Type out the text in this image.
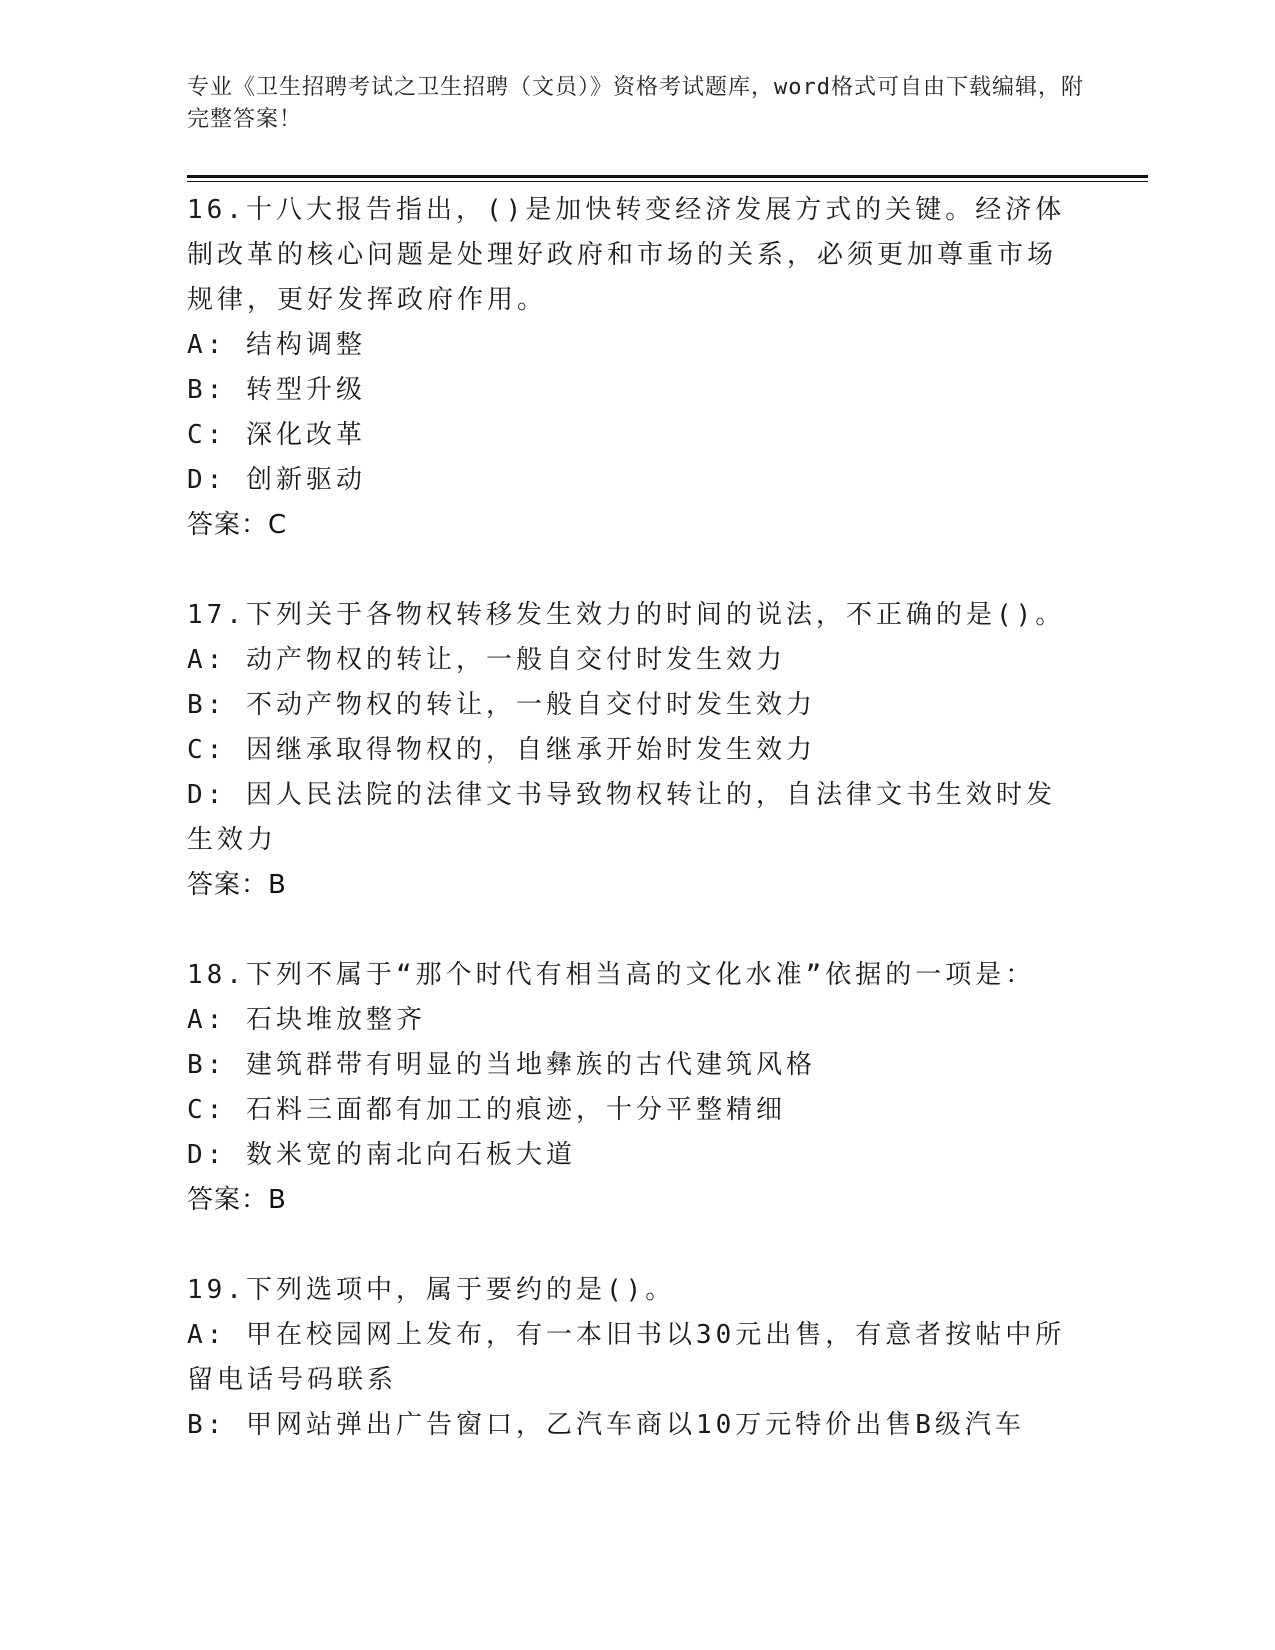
专业《卫生招聘考试之卫生招聘（文员）》资格考试题库，word格式可自由下载编辑，附完整答案！
16.十八大报告指出，()是加快转变经济发展方式的关键。经济体制改革的核心问题是处理好政府和市场的关系，必须更加尊重市场规律，更好发挥政府作用。
A: 结构调整
B: 转型升级
C: 深化改革
D: 创新驱动
答案：C
17.下列关于各物权转移发生效力的时间的说法，不正确的是()。
A: 动产物权的转让，一般自交付时发生效力
B: 不动产物权的转让，一般自交付时发生效力
C: 因继承取得物权的，自继承开始时发生效力
D: 因人民法院的法律文书导致物权转让的，自法律文书生效时发生效力
答案：B
18.下列不属于“那个时代有相当高的文化水准”依据的一项是：
A: 石块堆放整齐
B: 建筑群带有明显的当地彝族的古代建筑风格
C: 石料三面都有加工的痕迹，十分平整精细
D: 数米宽的南北向石板大道
答案：B
19.下列选项中，属于要约的是()。
A: 甲在校园网上发布，有一本旧书以30元出售，有意者按帖中所留电话号码联系
B: 甲网站弹出广告窗口，乙汽车商以10万元特价出售B级汽车
